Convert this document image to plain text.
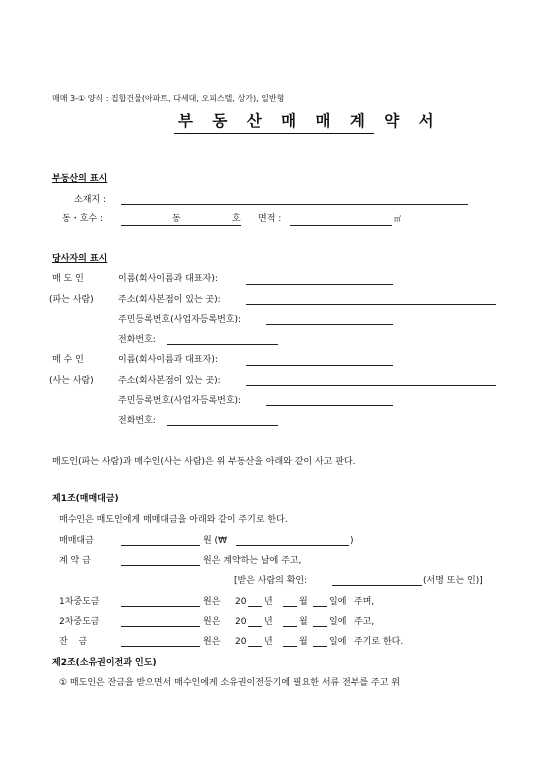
매매 3-① 양식 : 집합건물(아파트, 다세대, 오피스텔, 상가), 일반형
부 동 산 매 매 계 약 서
부동산의 표시
소재지 :
동・호수 :	동	호 면적 :	㎡
당사자의 표시
매 도 인	이름(회사이름과 대표자):
(파는 사람)	주소(회사본점이 있는 곳):
주민등록번호(사업자등록번호):
전화번호:
매 수 인	이름(회사이름과 대표자):
(사는 사람)	주소(회사본점이 있는 곳):
주민등록번호(사업자등록번호):
전화번호:
매도인(파는 사람)과 매수인(사는 사람)은 위 부동산을 아래와 같이 사고 판다.
제1조(매매대금)
매수인은 매도인에게 매매대금을 아래와 같이 주기로 한다.
매매대금	원 (₩	)
계 약 금	원은 계약하는 날에 주고,
[받은 사람의 확인:	(서명 또는 인)]
1차중도금	원은 20 년	월 일에 주며,
2차중도금	원은 20 년	월 일에 주고,
잔 금	원은 20 년	월 일에 주기로 한다.
제2조(소유권이전과 인도)
① 매도인은 잔금을 받으면서 매수인에게 소유권이전등기에 필요한 서류 전부를 주고 위
